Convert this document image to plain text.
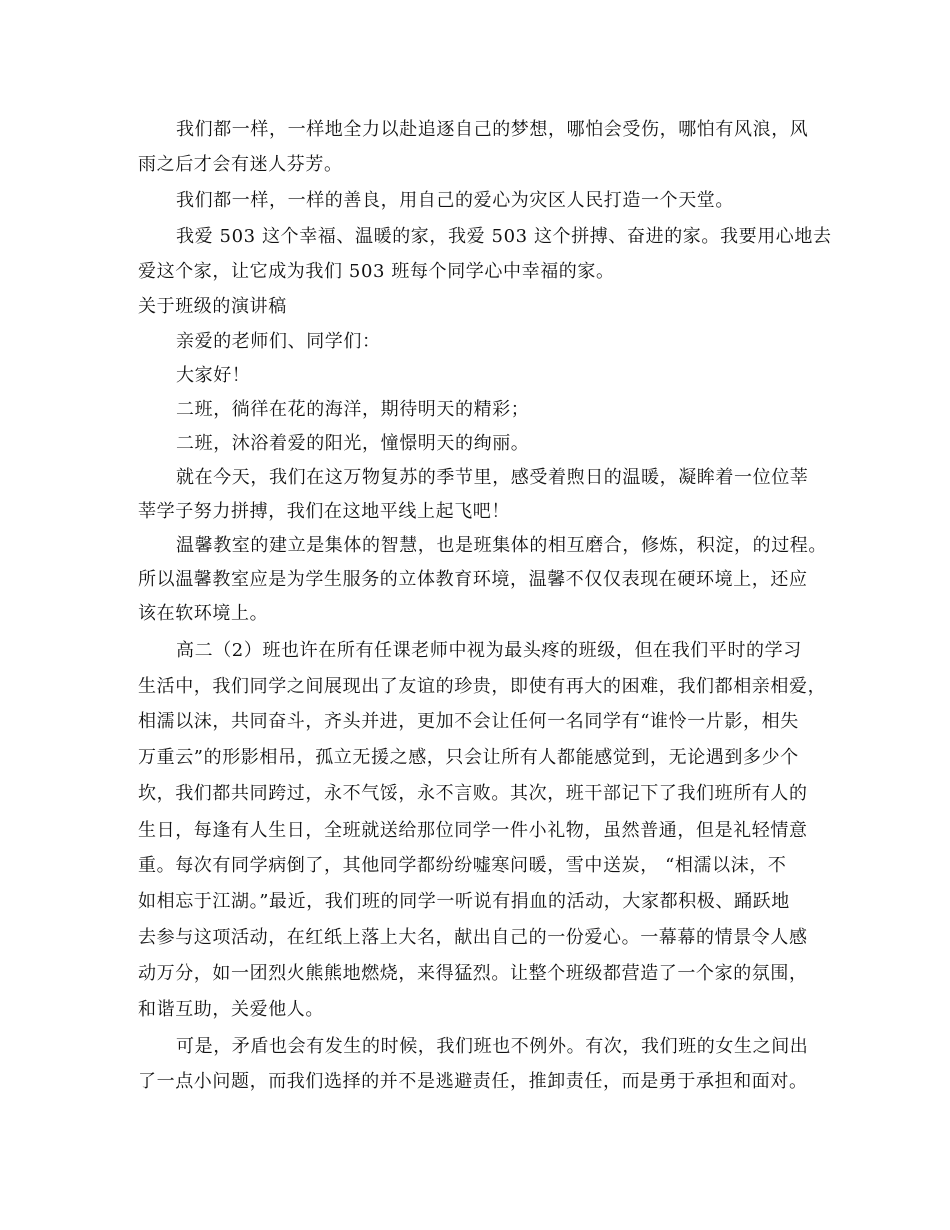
我们都一样，一样地全力以赴追逐自己的梦想，哪怕会受伤，哪怕有风浪，风
雨之后才会有迷人芬芳。
我们都一样，一样的善良，用自己的爱心为灾区人民打造一个天堂。
我爱 503 这个幸福、温暖的家，我爱 503 这个拼搏、奋进的家。我要用心地去
爱这个家，让它成为我们 503 班每个同学心中幸福的家。
关于班级的演讲稿
亲爱的老师们、同学们：
大家好！
二班，徜徉在花的海洋，期待明天的精彩；
二班，沐浴着爱的阳光，憧憬明天的绚丽。
就在今天，我们在这万物复苏的季节里，感受着煦日的温暖，凝眸着一位位莘
莘学子努力拼搏，我们在这地平线上起飞吧！
温馨教室的建立是集体的智慧，也是班集体的相互磨合，修炼，积淀，的过程。
所以温馨教室应是为学生服务的立体教育环境，温馨不仅仅表现在硬环境上，还应
该在软环境上。
高二（2）班也许在所有任课老师中视为最头疼的班级，但在我们平时的学习
生活中，我们同学之间展现出了友谊的珍贵，即使有再大的困难，我们都相亲相爱，
相濡以沫，共同奋斗，齐头并进，更加不会让任何一名同学有“谁怜一片影，相失
万重云”的形影相吊，孤立无援之感，只会让所有人都能感觉到，无论遇到多少个
坎，我们都共同跨过，永不气馁，永不言败。其次，班干部记下了我们班所有人的
生日，每逢有人生日，全班就送给那位同学一件小礼物，虽然普通，但是礼轻情意
重。每次有同学病倒了，其他同学都纷纷嘘寒问暖，雪中送炭， “相濡以沫，不
如相忘于江湖。”最近，我们班的同学一听说有捐血的活动，大家都积极、踊跃地
去参与这项活动，在红纸上落上大名，献出自己的一份爱心。一幕幕的情景令人感
动万分，如一团烈火熊熊地燃烧，来得猛烈。让整个班级都营造了一个家的氛围，
和谐互助，关爱他人。
可是，矛盾也会有发生的时候，我们班也不例外。有次，我们班的女生之间出
了一点小问题，而我们选择的并不是逃避责任，推卸责任，而是勇于承担和面对。
